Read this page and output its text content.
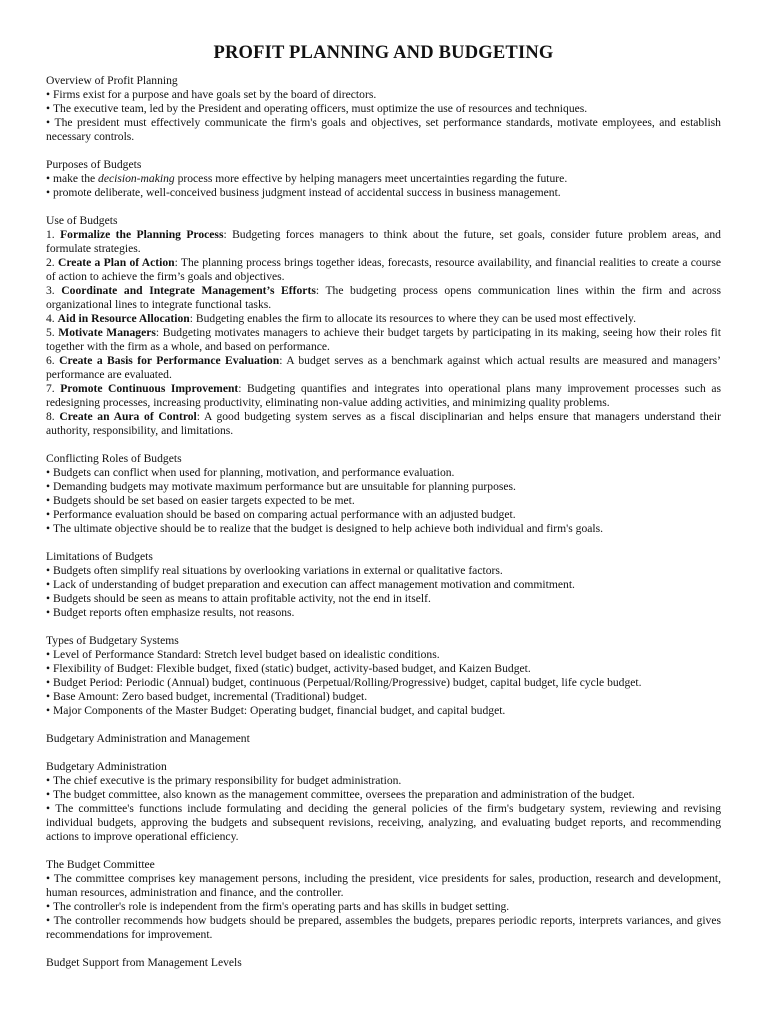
PROFIT PLANNING AND BUDGETING
Overview of Profit Planning
• Firms exist for a purpose and have goals set by the board of directors.
• The executive team, led by the President and operating officers, must optimize the use of resources and techniques.
• The president must effectively communicate the firm's goals and objectives, set performance standards, motivate employees, and establish necessary controls.
Purposes of Budgets
• make the decision-making process more effective by helping managers meet uncertainties regarding the future.
• promote deliberate, well-conceived business judgment instead of accidental success in business management.
Use of Budgets
1. Formalize the Planning Process: Budgeting forces managers to think about the future, set goals, consider future problem areas, and formulate strategies.
2. Create a Plan of Action: The planning process brings together ideas, forecasts, resource availability, and financial realities to create a course of action to achieve the firm’s goals and objectives.
3. Coordinate and Integrate Management’s Efforts: The budgeting process opens communication lines within the firm and across organizational lines to integrate functional tasks.
4. Aid in Resource Allocation: Budgeting enables the firm to allocate its resources to where they can be used most effectively.
5. Motivate Managers: Budgeting motivates managers to achieve their budget targets by participating in its making, seeing how their roles fit together with the firm as a whole, and based on performance.
6. Create a Basis for Performance Evaluation: A budget serves as a benchmark against which actual results are measured and managers’ performance are evaluated.
7. Promote Continuous Improvement: Budgeting quantifies and integrates into operational plans many improvement processes such as redesigning processes, increasing productivity, eliminating non-value adding activities, and minimizing quality problems.
8. Create an Aura of Control: A good budgeting system serves as a fiscal disciplinarian and helps ensure that managers understand their authority, responsibility, and limitations.
Conflicting Roles of Budgets
• Budgets can conflict when used for planning, motivation, and performance evaluation.
• Demanding budgets may motivate maximum performance but are unsuitable for planning purposes.
• Budgets should be set based on easier targets expected to be met.
• Performance evaluation should be based on comparing actual performance with an adjusted budget.
• The ultimate objective should be to realize that the budget is designed to help achieve both individual and firm's goals.
Limitations of Budgets
• Budgets often simplify real situations by overlooking variations in external or qualitative factors.
• Lack of understanding of budget preparation and execution can affect management motivation and commitment.
• Budgets should be seen as means to attain profitable activity, not the end in itself.
• Budget reports often emphasize results, not reasons.
Types of Budgetary Systems
• Level of Performance Standard: Stretch level budget based on idealistic conditions.
• Flexibility of Budget: Flexible budget, fixed (static) budget, activity-based budget, and Kaizen Budget.
• Budget Period: Periodic (Annual) budget, continuous (Perpetual/Rolling/Progressive) budget, capital budget, life cycle budget.
• Base Amount: Zero based budget, incremental (Traditional) budget.
• Major Components of the Master Budget: Operating budget, financial budget, and capital budget.
Budgetary Administration and Management
Budgetary Administration
• The chief executive is the primary responsibility for budget administration.
• The budget committee, also known as the management committee, oversees the preparation and administration of the budget.
• The committee's functions include formulating and deciding the general policies of the firm's budgetary system, reviewing and revising individual budgets, approving the budgets and subsequent revisions, receiving, analyzing, and evaluating budget reports, and recommending actions to improve operational efficiency.
The Budget Committee
• The committee comprises key management persons, including the president, vice presidents for sales, production, research and development, human resources, administration and finance, and the controller.
• The controller's role is independent from the firm's operating parts and has skills in budget setting.
• The controller recommends how budgets should be prepared, assembles the budgets, prepares periodic reports, interprets variances, and gives recommendations for improvement.
Budget Support from Management Levels
